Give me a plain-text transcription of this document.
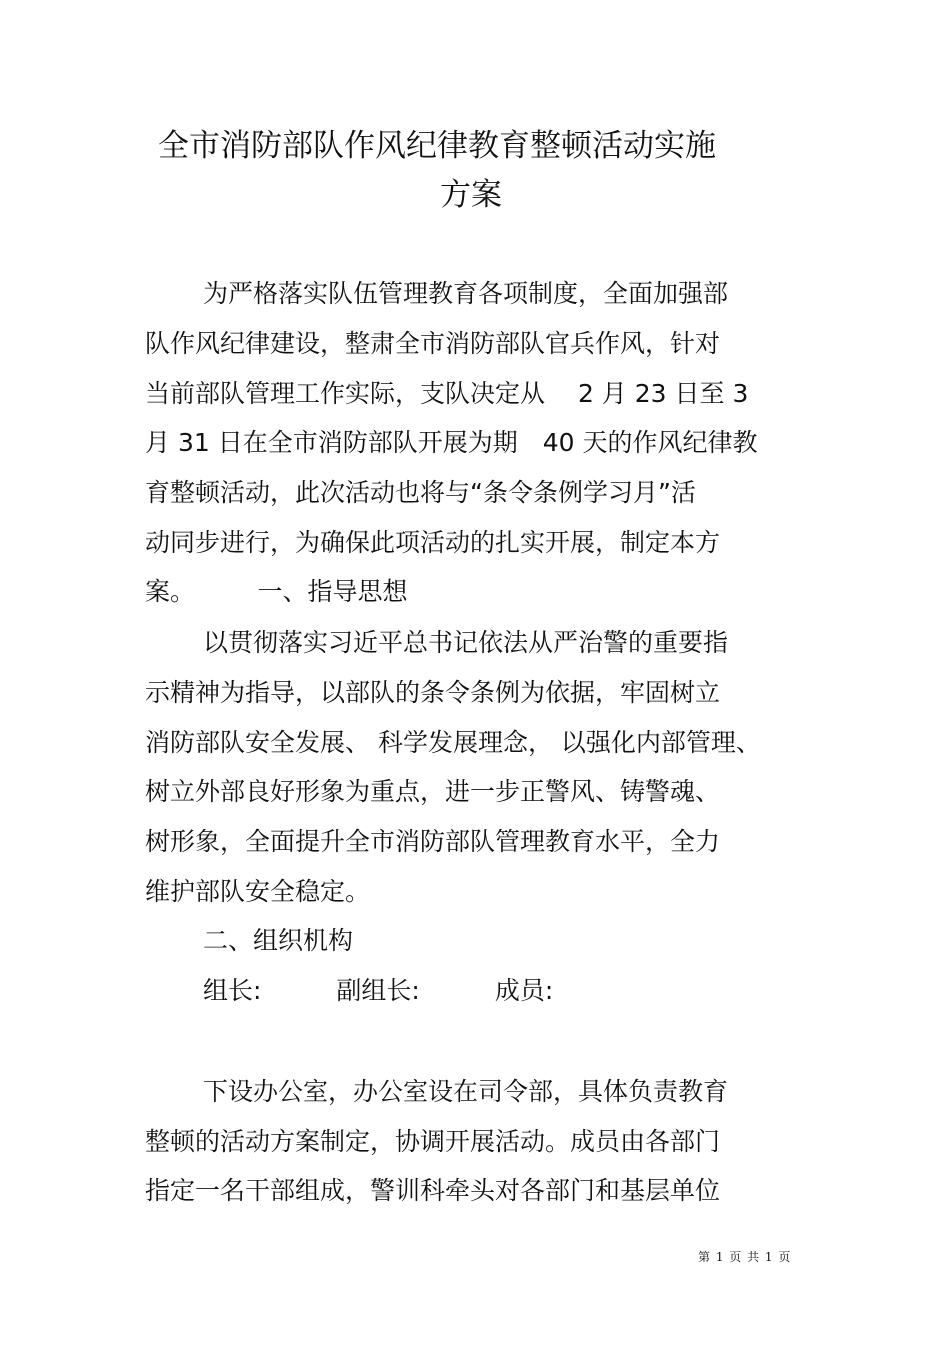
全市消防部队作风纪律教育整顿活动实施
方案
为严格落实队伍管理教育各项制度，全面加强部
队作风纪律建设，整肃全市消防部队官兵作风，针对
当前部队管理工作实际，支队决定从　 2 月 23 日至 3
月 31 日在全市消防部队开展为期　40 天的作风纪律教
育整顿活动，此次活动也将与“条令条例学习月”活
动同步进行，为确保此项活动的扎实开展，制定本方
案。　　　一、指导思想
以贯彻落实习近平总书记依法从严治警的重要指
示精神为指导，以部队的条令条例为依据，牢固树立
消防部队安全发展、 科学发展理念， 以强化内部管理、
树立外部良好形象为重点，进一步正警风、铸警魂、
树形象，全面提升全市消防部队管理教育水平，全力
维护部队安全稳定。
二、组织机构
组长:　　　副组长:　　　成员:
下设办公室，办公室设在司令部，具体负责教育
整顿的活动方案制定，协调开展活动。成员由各部门
指定一名干部组成，警训科牵头对各部门和基层单位
第 1 页 共 1 页
